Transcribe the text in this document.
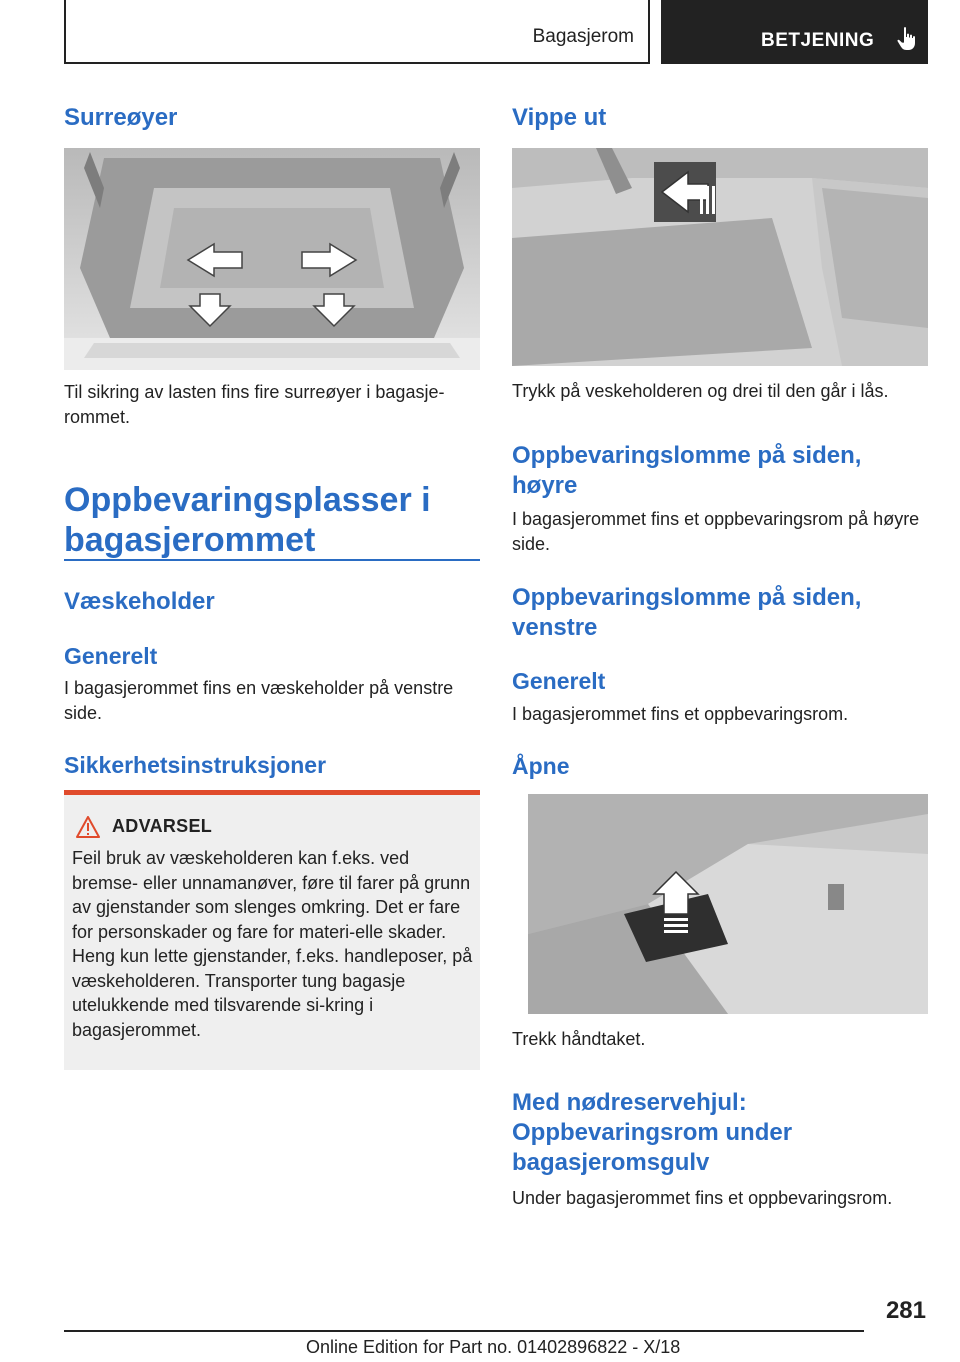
Bagasjerom	BETJENING
Surreøyer
Til sikring av lasten fins fire surreøyer i bagasje-rommet.
Oppbevaringsplasser i bagasjerommet
Væskeholder
Generelt
I bagasjerommet fins en væskeholder på venstre side.
Sikkerhetsinstruksjoner
ADVARSEL
Feil bruk av væskeholderen kan f.eks. ved bremse- eller unnamanøver, føre til farer på grunn av gjenstander som slenges omkring. Det er fare for personskader og fare for materi-elle skader. Heng kun lette gjenstander, f.eks. handleposer, på væskeholderen. Transporter tung bagasje utelukkende med tilsvarende si-kring i bagasjerommet.
Vippe ut
Trykk på veskeholderen og drei til den går i lås.
Oppbevaringslomme på siden, høyre
I bagasjerommet fins et oppbevaringsrom på høyre side.
Oppbevaringslomme på siden, venstre
Generelt
I bagasjerommet fins et oppbevaringsrom.
Åpne
Trekk håndtaket.
Med nødreservehjul: Oppbevaringsrom under bagasjeromsgulv
Under bagasjerommet fins et oppbevaringsrom.
281
Online Edition for Part no. 01402896822 - X/18
